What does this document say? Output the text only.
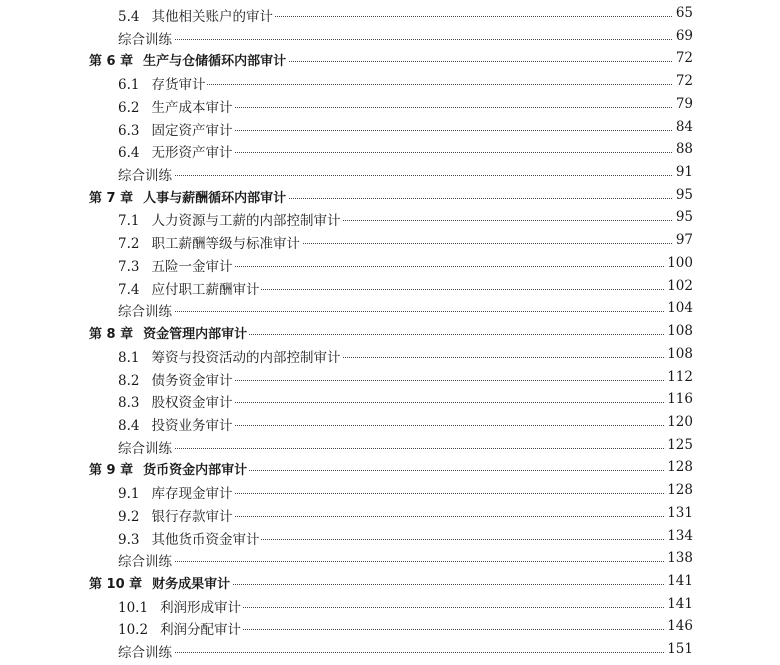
5.4 其他相关账户的审计	65
综合训练	69
第 6 章 生产与仓储循环内部审计	72
6.1 存货审计	72
6.2 生产成本审计	79
6.3 固定资产审计	84
6.4 无形资产审计	88
综合训练	91
第 7 章 人事与薪酬循环内部审计	95
7.1 人力资源与工薪的内部控制审计	95
7.2 职工薪酬等级与标准审计	97
7.3 五险一金审计	100
7.4 应付职工薪酬审计	102
综合训练	104
第 8 章 资金管理内部审计	108
8.1 筹资与投资活动的内部控制审计	108
8.2 债务资金审计	112
8.3 股权资金审计	116
8.4 投资业务审计	120
综合训练	125
第 9 章 货币资金内部审计	128
9.1 库存现金审计	128
9.2 银行存款审计	131
9.3 其他货币资金审计	134
综合训练	138
第 10 章 财务成果审计	141
10.1 利润形成审计	141
10.2 利润分配审计	146
综合训练	151
